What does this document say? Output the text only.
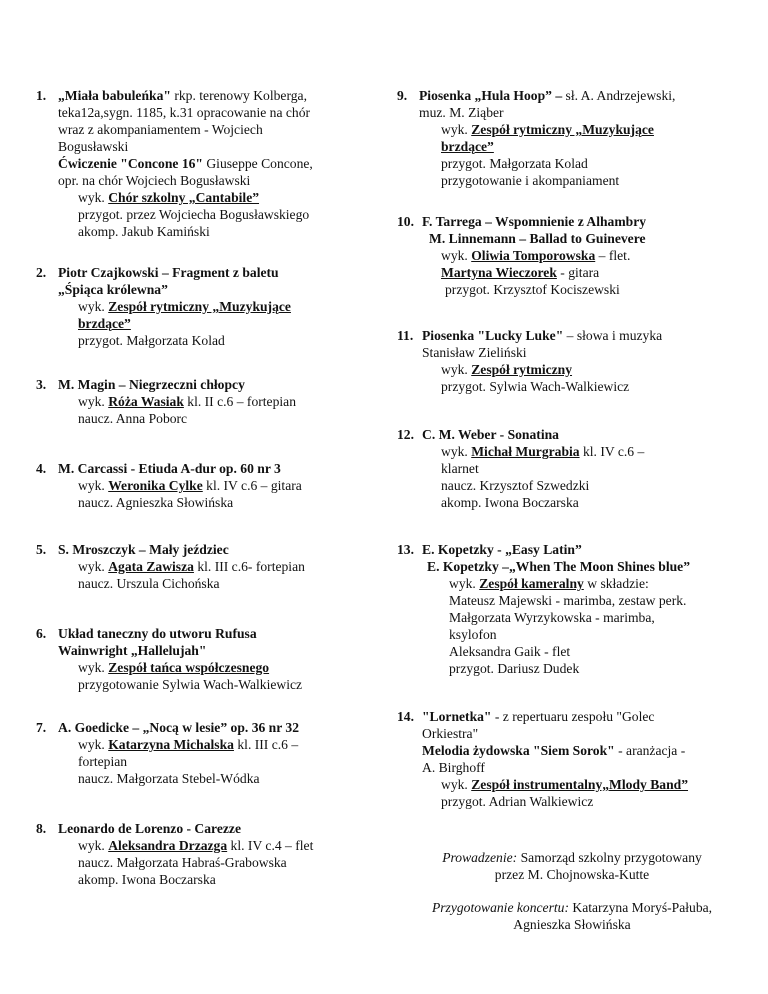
1. „Miała babuleńka" rkp. terenowy Kolberga,
teka12a,sygn. 1185, k.31 opracowanie na chór
wraz z akompaniamentem - Wojciech
Bogusławski
Ćwiczenie "Concone 16" Giuseppe Concone,
opr. na chór Wojciech Bogusławski
wyk. Chór szkolny „Cantabile”
przygot. przez Wojciecha Bogusławskiego
akomp. Jakub Kamiński
2. Piotr Czajkowski – Fragment z baletu
„Śpiąca królewna”
wyk. Zespół rytmiczny „Muzykujące
brzdące”
przygot. Małgorzata Kolad
3. M. Magin – Niegrzeczni chłopcy
wyk. Róża Wasiak kl. II c.6 – fortepian
naucz. Anna Poborc
4. M. Carcassi - Etiuda A-dur op. 60 nr 3
wyk. Weronika Cylke kl. IV c.6 – gitara
naucz. Agnieszka Słowińska
5. S. Mroszczyk – Mały jeździec
wyk. Agata Zawisza kl. III c.6- fortepian
naucz. Urszula Cichońska
6. Układ taneczny do utworu Rufusa
Wainwright „Hallelujah"
wyk. Zespół tańca współczesnego
przygotowanie Sylwia Wach-Walkiewicz
7. A. Goedicke – „Nocą w lesie” op. 36 nr 32
wyk. Katarzyna Michalska kl. III c.6 –
fortepian
naucz. Małgorzata Stebel-Wódka
8. Leonardo de Lorenzo - Carezze
wyk. Aleksandra Drzazga kl. IV c.4 – flet
naucz. Małgorzata Habraś-Grabowska
akomp. Iwona Boczarska
9. Piosenka „Hula Hoop” – sł. A. Andrzejewski,
muz. M. Ziąber
wyk. Zespół rytmiczny „Muzykujące
brzdące”
przygot. Małgorzata Kolad
przygotowanie i akompaniament
10. F. Tarrega – Wspomnienie z Alhambry
M. Linnemann – Ballad to Guinevere
wyk. Oliwia Tomporowska – flet.
Martyna Wieczorek - gitara
przygot. Krzysztof Kociszewski
11. Piosenka "Lucky Luke" – słowa i muzyka
Stanisław Zieliński
wyk. Zespół rytmiczny
przygot. Sylwia Wach-Walkiewicz
12. C. M. Weber - Sonatina
wyk. Michał Murgrabia kl. IV c.6 –
klarnet
naucz. Krzysztof Szwedzki
akomp. Iwona Boczarska
13. E. Kopetzky - „Easy Latin”
E. Kopetzky –„When The Moon Shines blue”
wyk. Zespół kameralny w składzie:
Mateusz Majewski - marimba, zestaw perk.
Małgorzata Wyrzykowska - marimba,
ksylofon
Aleksandra Gaik - flet
przygot. Dariusz Dudek
14. "Lornetka" - z repertuaru zespołu "Golec
Orkiestra"
Melodia żydowska "Siem Sorok" - aranżacja -
A. Birghoff
wyk. Zespół instrumentalny„Mlody Band”
przygot. Adrian Walkiewicz
Prowadzenie: Samorząd szkolny przygotowany
przez M. Chojnowska-Kutte
Przygotowanie koncertu: Katarzyna Moryś-Pałuba,
Agnieszka Słowińska
